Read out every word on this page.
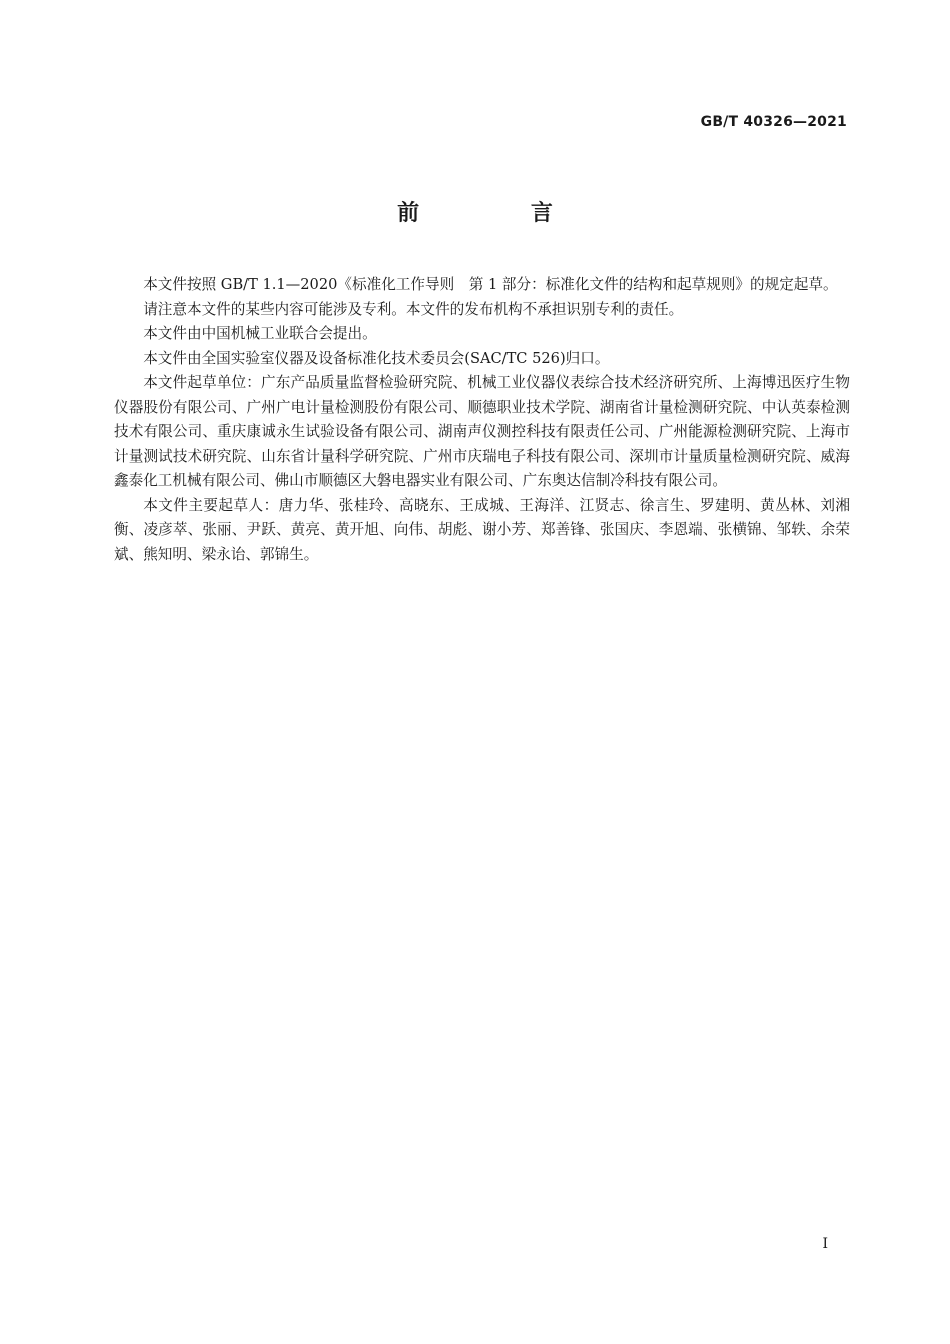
GB/T 40326—2021
前 言

本文件按照 GB/T 1.1—2020《标准化工作导则　第 1 部分：标准化文件的结构和起草规则》的规定起草。

请注意本文件的某些内容可能涉及专利。本文件的发布机构不承担识别专利的责任。

本文件由中国机械工业联合会提出。

本文件由全国实验室仪器及设备标准化技术委员会(SAC/TC 526)归口。

本文件起草单位：广东产品质量监督检验研究院、机械工业仪器仪表综合技术经济研究所、上海博迅医疗生物仪器股份有限公司、广州广电计量检测股份有限公司、顺德职业技术学院、湖南省计量检测研究院、中认英泰检测技术有限公司、重庆康诚永生试验设备有限公司、湖南声仪测控科技有限责任公司、广州能源检测研究院、上海市计量测试技术研究院、山东省计量科学研究院、广州市庆瑞电子科技有限公司、深圳市计量质量检测研究院、威海鑫泰化工机械有限公司、佛山市顺德区大磐电器实业有限公司、广东奥达信制冷科技有限公司。

本文件主要起草人：唐力华、张桂玲、高晓东、王成城、王海洋、江贤志、徐言生、罗建明、黄丛林、刘湘衡、凌彦萃、张丽、尹跃、黄亮、黄开旭、向伟、胡彪、谢小芳、郑善锋、张国庆、李恩端、张横锦、邹轶、余荣斌、熊知明、梁永诒、郭锦生。

I
